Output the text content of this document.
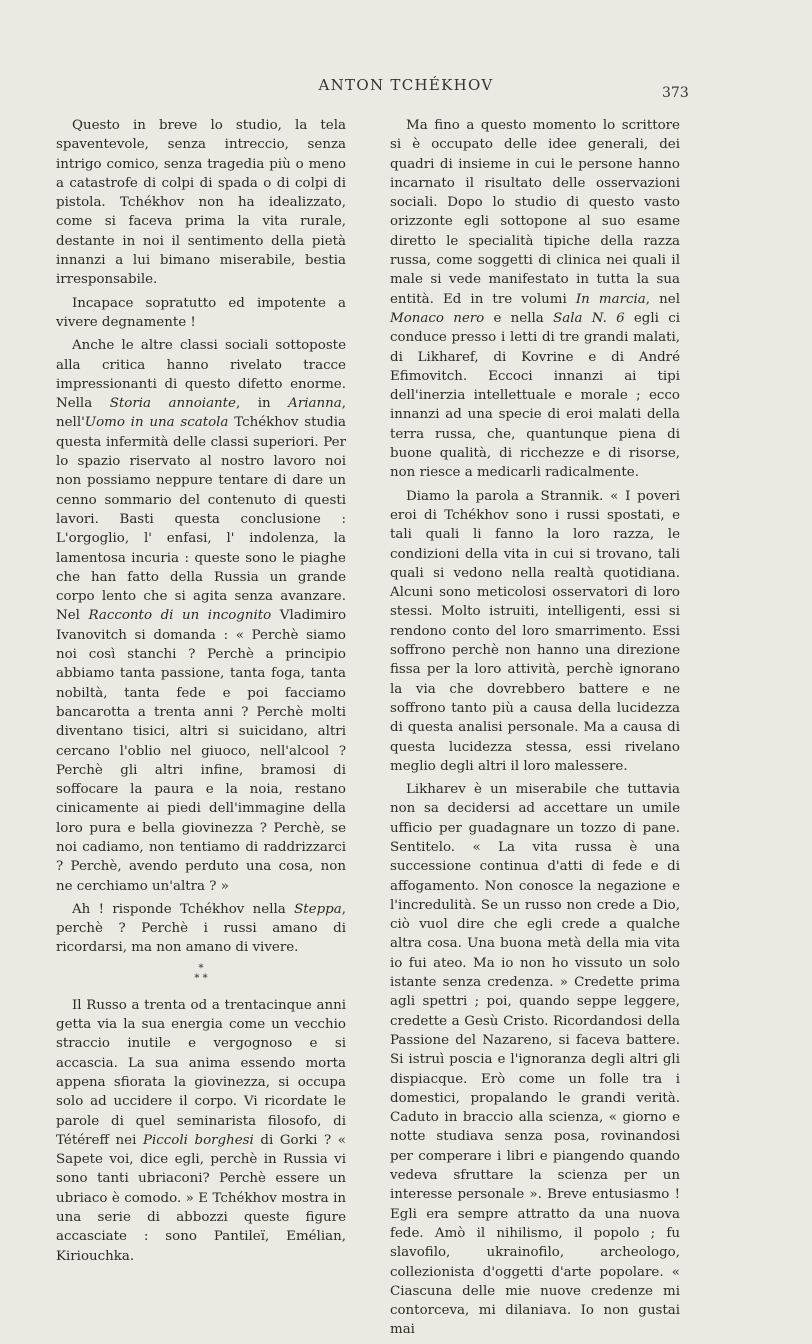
ANTON TCHÉKHOV	373

Questo in breve lo studio, la tela spaventevole, senza intreccio, senza intrigo comico, senza tragedia più o meno a catastrofe di colpi di spada o di colpi di pistola. Tchékhov non ha idealizzato, come si faceva prima la vita rurale, destante in noi il sentimento della pietà innanzi a lui bimano miserabile, bestia irresponsabile.

Incapace sopratutto ed impotente a vivere degnamente !

Anche le altre classi sociali sottoposte alla critica hanno rivelato tracce impressionanti di questo difetto enorme. Nella Storia annoiante, in Arianna, nell'Uomo in una scatola Tchékhov studia questa infermità delle classi superiori. Per lo spazio riservato al nostro lavoro noi non possiamo neppure tentare di dare un cenno sommario del contenuto di questi lavori. Basti questa conclusione : L'orgoglio, l' enfasi, l' indolenza, la lamentosa incuria : queste sono le piaghe che han fatto della Russia un grande corpo lento che si agita senza avanzare. Nel Racconto di un incognito Vladimiro Ivanovitch si domanda : « Perchè siamo noi così stanchi ? Perchè a principio abbiamo tanta passione, tanta foga, tanta nobiltà, tanta fede e poi facciamo bancarotta a trenta anni ? Perchè molti diventano tisici, altri si suicidano, altri cercano l'oblio nel giuoco, nell'alcool ? Perchè gli altri infine, bramosi di soffocare la paura e la noia, restano cinicamente ai piedi dell'immagine della loro pura e bella giovinezza ? Perchè, se noi cadiamo, non tentiamo di raddrizzarci ? Perchè, avendo perduto una cosa, non ne cerchiamo un'altra ? »

Ah ! risponde Tchékhov nella Steppa, perchè ? Perchè i russi amano di ricordarsi, ma non amano di vivere.

*
* *

Il Russo a trenta od a trentacinque anni getta via la sua energia come un vecchio straccio inutile e vergognoso e si accascia. La sua anima essendo morta appena sfiorata la giovinezza, si occupa solo ad uccidere il corpo. Vi ricordate le parole di quel seminarista filosofo, di Tétéreff nei Piccoli borghesi di Gorki ? « Sapete voi, dice egli, perchè in Russia vi sono tanti ubriaconi? Perchè essere un ubriaco è comodo. » E Tchékhov mostra in una serie di abbozzi queste figure accasciate : sono Pantileï, Emélian, Kiriouchka.

Ma fino a questo momento lo scrittore si è occupato delle idee generali, dei quadri di insieme in cui le persone hanno incarnato il risultato delle osservazioni sociali. Dopo lo studio di questo vasto orizzonte egli sottopone al suo esame diretto le specialità tipiche della razza russa, come soggetti di clinica nei quali il male si vede manifestato in tutta la sua entità. Ed in tre volumi In marcia, nel Monaco nero e nella Sala N. 6 egli ci conduce presso i letti di tre grandi malati, di Likharef, di Kovrine e di André Efimovitch. Eccoci innanzi ai tipi dell'inerzia intellettuale e morale ; ecco innanzi ad una specie di eroi malati della terra russa, che, quantunque piena di buone qualità, di ricchezze e di risorse, non riesce a medicarli radicalmente.

Diamo la parola a Strannik. « I poveri eroi di Tchékhov sono i russi spostati, e tali quali li fanno la loro razza, le condizioni della vita in cui si trovano, tali quali si vedono nella realtà quotidiana. Alcuni sono meticolosi osservatori di loro stessi. Molto istruiti, intelligenti, essi si rendono conto del loro smarrimento. Essi soffrono perchè non hanno una direzione fissa per la loro attività, perchè ignorano la via che dovrebbero battere e ne soffrono tanto più a causa della lucidezza di questa analisi personale. Ma a causa di questa lucidezza stessa, essi rivelano meglio degli altri il loro malessere.

Likharev è un miserabile che tuttavia non sa decidersi ad accettare un umile ufficio per guadagnare un tozzo di pane. Sentitelo. « La vita russa è una successione continua d'atti di fede e di affogamento. Non conosce la negazione e l'incredulità. Se un russo non crede a Dio, ciò vuol dire che egli crede a qualche altra cosa. Una buona metà della mia vita io fui ateo. Ma io non ho vissuto un solo istante senza credenza. » Credette prima agli spettri ; poi, quando seppe leggere, credette a Gesù Cristo. Ricordandosi della Passione del Nazareno, si faceva battere. Si istruì poscia e l'ignoranza degli altri gli dispiacque. Erò come un folle tra i domestici, propalando le grandi verità. Caduto in braccio alla scienza, « giorno e notte studiava senza posa, rovinandosi per comperare i libri e piangendo quando vedeva sfruttare la scienza per un interesse personale ». Breve entusiasmo ! Egli era sempre attratto da una nuova fede. Amò il nihilismo, il popolo ; fu slavofilo, ukrainofilo, archeologo, collezionista d'oggetti d'arte popolare. « Ciascuna delle mie nuove credenze mi contorceva, mi dilaniava. Io non gustai mai
